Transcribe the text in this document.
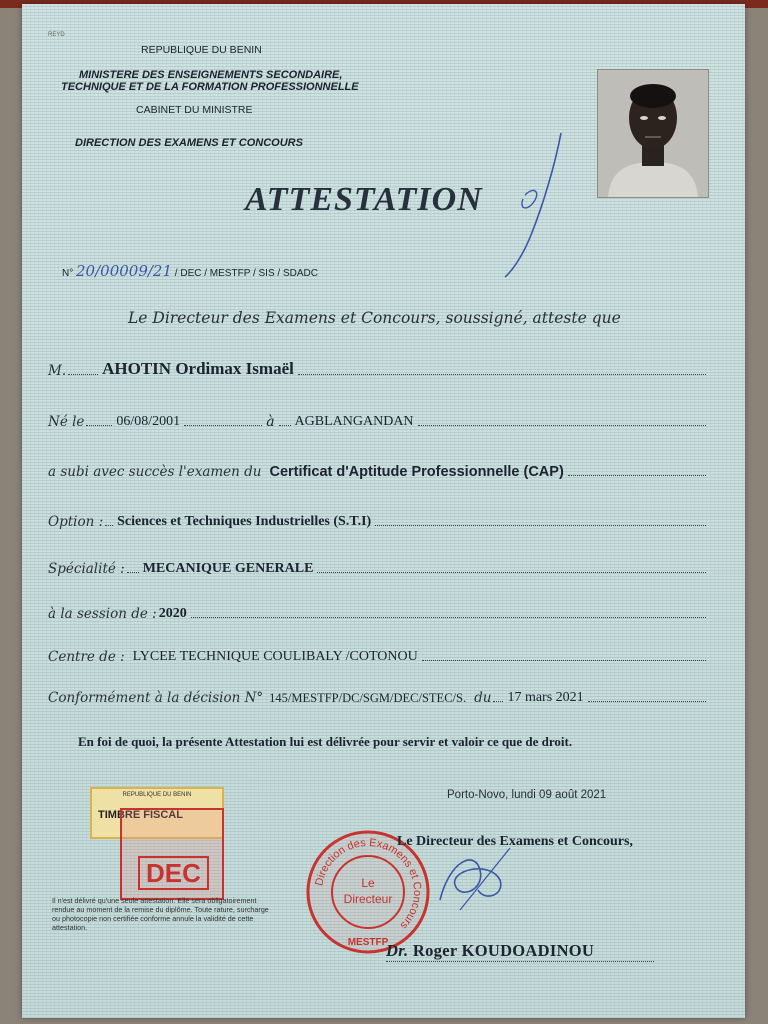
REYD
REPUBLIQUE DU BENIN
MINISTERE DES ENSEIGNEMENTS SECONDAIRE,
TECHNIQUE ET DE LA FORMATION PROFESSIONNELLE
CABINET DU MINISTRE
DIRECTION DES EXAMENS ET CONCOURS
ATTESTATION
N° 20/00009/21 / DEC / MESTFP / SIS / SDADC
Le Directeur des Examens et Concours, soussigné, atteste que
M. AHOTIN Ordimax Ismaël
Né le 06/08/2001	à AGBLANGANDAN
a subi avec succès l'examen du Certificat d'Aptitude Professionnelle (CAP)
Option : Sciences et Techniques Industrielles (S.T.I)
Spécialité : MECANIQUE GENERALE
à la session de : 2020
Centre de : LYCEE TECHNIQUE COULIBALY /COTONOU
Conformément à la décision N° 145/MESTFP/DC/SGM/DEC/STEC/S. du 17 mars 2021
En foi de quoi, la présente Attestation lui est délivrée pour servir et valoir ce que de droit.
Porto-Novo, lundi 09 août 2021
REPUBLIQUE DU BENIN
TIMBRE FISCAL
DEC
Il n'est délivré qu'une seule attestation. Elle sera obligatoirement rendue au moment de la remise du diplôme. Toute rature, surcharge ou photocopie non certifiée conforme annule la validité de cette attestation.
Direction des Examens et Concours
MESTFP
Le
Directeur
Le Directeur des Examens et Concours,
Dr. Roger KOUDOADINOU
